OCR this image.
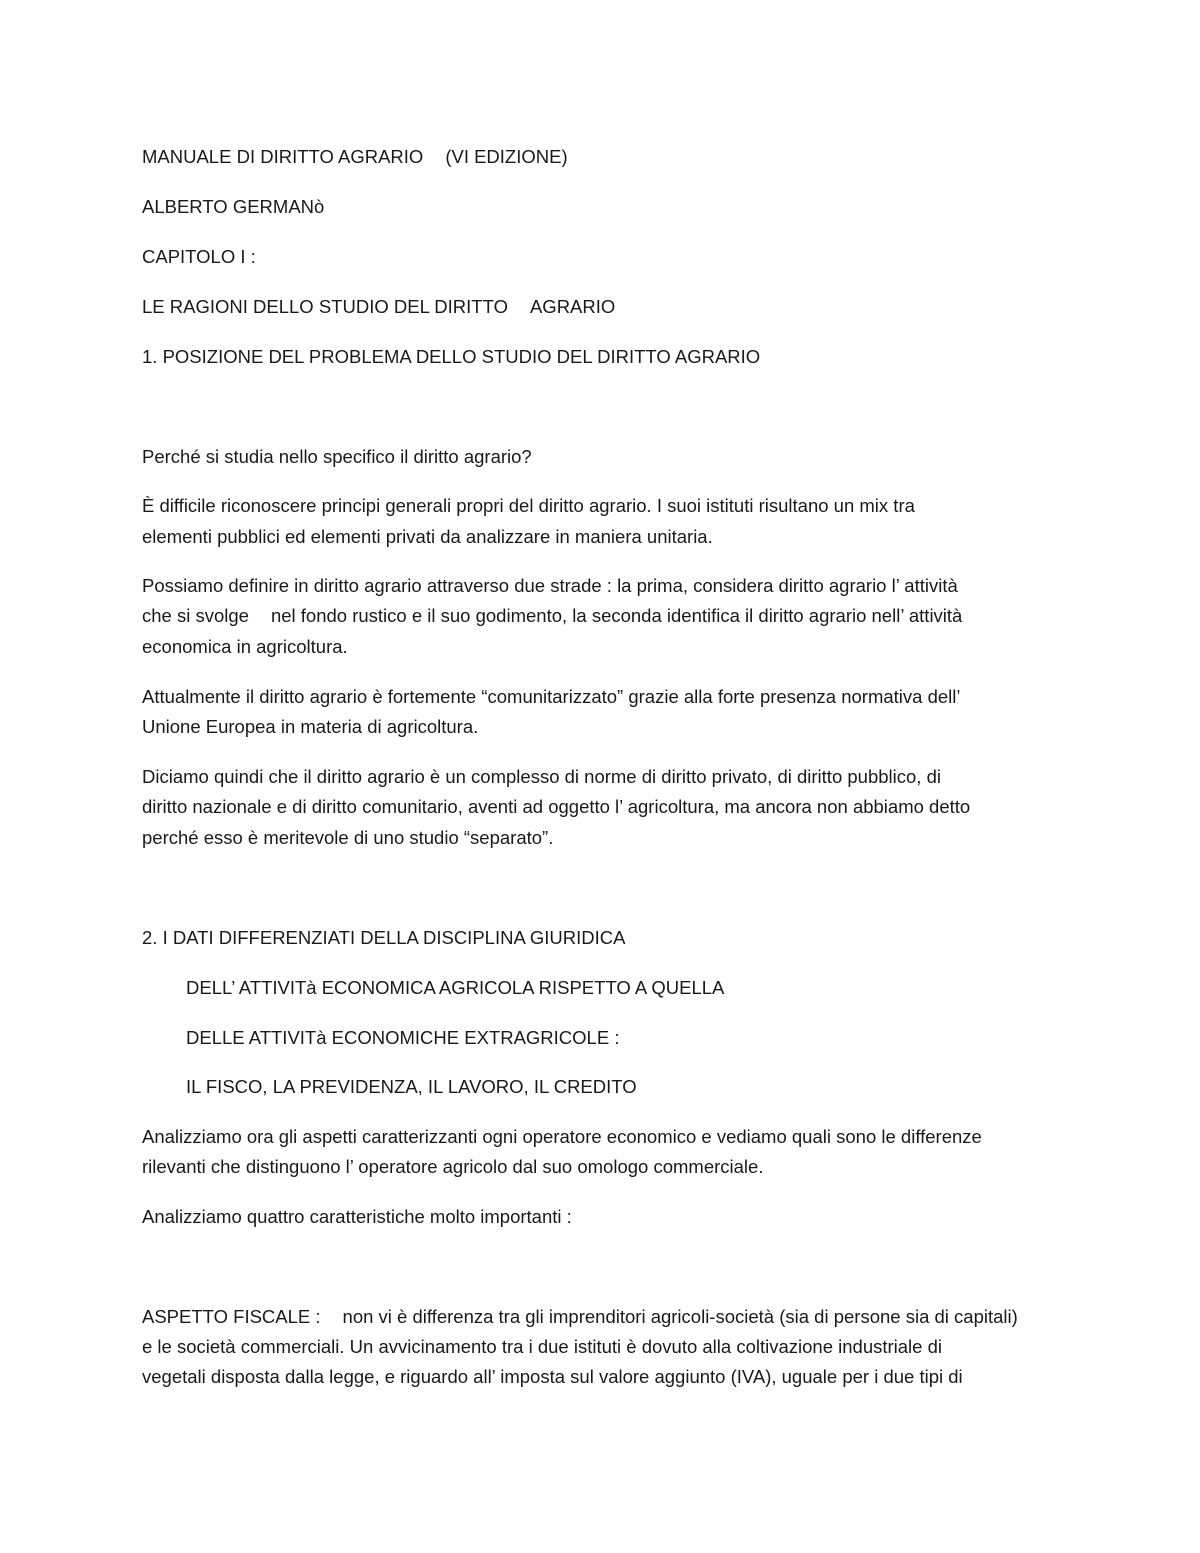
MANUALE DI DIRITTO AGRARIO (VI EDIZIONE)

ALBERTO GERMANò

CAPITOLO I :

LE RAGIONI DELLO STUDIO DEL DIRITTO AGRARIO

1. POSIZIONE DEL PROBLEMA DELLO STUDIO DEL DIRITTO AGRARIO

Perché si studia nello specifico il diritto agrario?

È difficile riconoscere principi generali propri del diritto agrario. I suoi istituti risultano un mix tra

elementi pubblici ed elementi privati da analizzare in maniera unitaria.

Possiamo definire in diritto agrario attraverso due strade : la prima, considera diritto agrario l’ attività

che si svolge nel fondo rustico e il suo godimento, la seconda identifica il diritto agrario nell’ attività

economica in agricoltura.

Attualmente il diritto agrario è fortemente “comunitarizzato” grazie alla forte presenza normativa dell’

Unione Europea in materia di agricoltura.

Diciamo quindi che il diritto agrario è un complesso di norme di diritto privato, di diritto pubblico, di

diritto nazionale e di diritto comunitario, aventi ad oggetto l’ agricoltura, ma ancora non abbiamo detto

perché esso è meritevole di uno studio “separato”.

2. I DATI DIFFERENZIATI DELLA DISCIPLINA GIURIDICA

DELL’ ATTIVITà ECONOMICA AGRICOLA RISPETTO A QUELLA

DELLE ATTIVITà ECONOMICHE EXTRAGRICOLE :

IL FISCO, LA PREVIDENZA, IL LAVORO, IL CREDITO

Analizziamo ora gli aspetti caratterizzanti ogni operatore economico e vediamo quali sono le differenze

rilevanti che distinguono l’ operatore agricolo dal suo omologo commerciale.

Analizziamo quattro caratteristiche molto importanti :

ASPETTO FISCALE : non vi è differenza tra gli imprenditori agricoli-società (sia di persone sia di capitali)

e le società commerciali. Un avvicinamento tra i due istituti è dovuto alla coltivazione industriale di

vegetali disposta dalla legge, e riguardo all’ imposta sul valore aggiunto (IVA), uguale per i due tipi di
